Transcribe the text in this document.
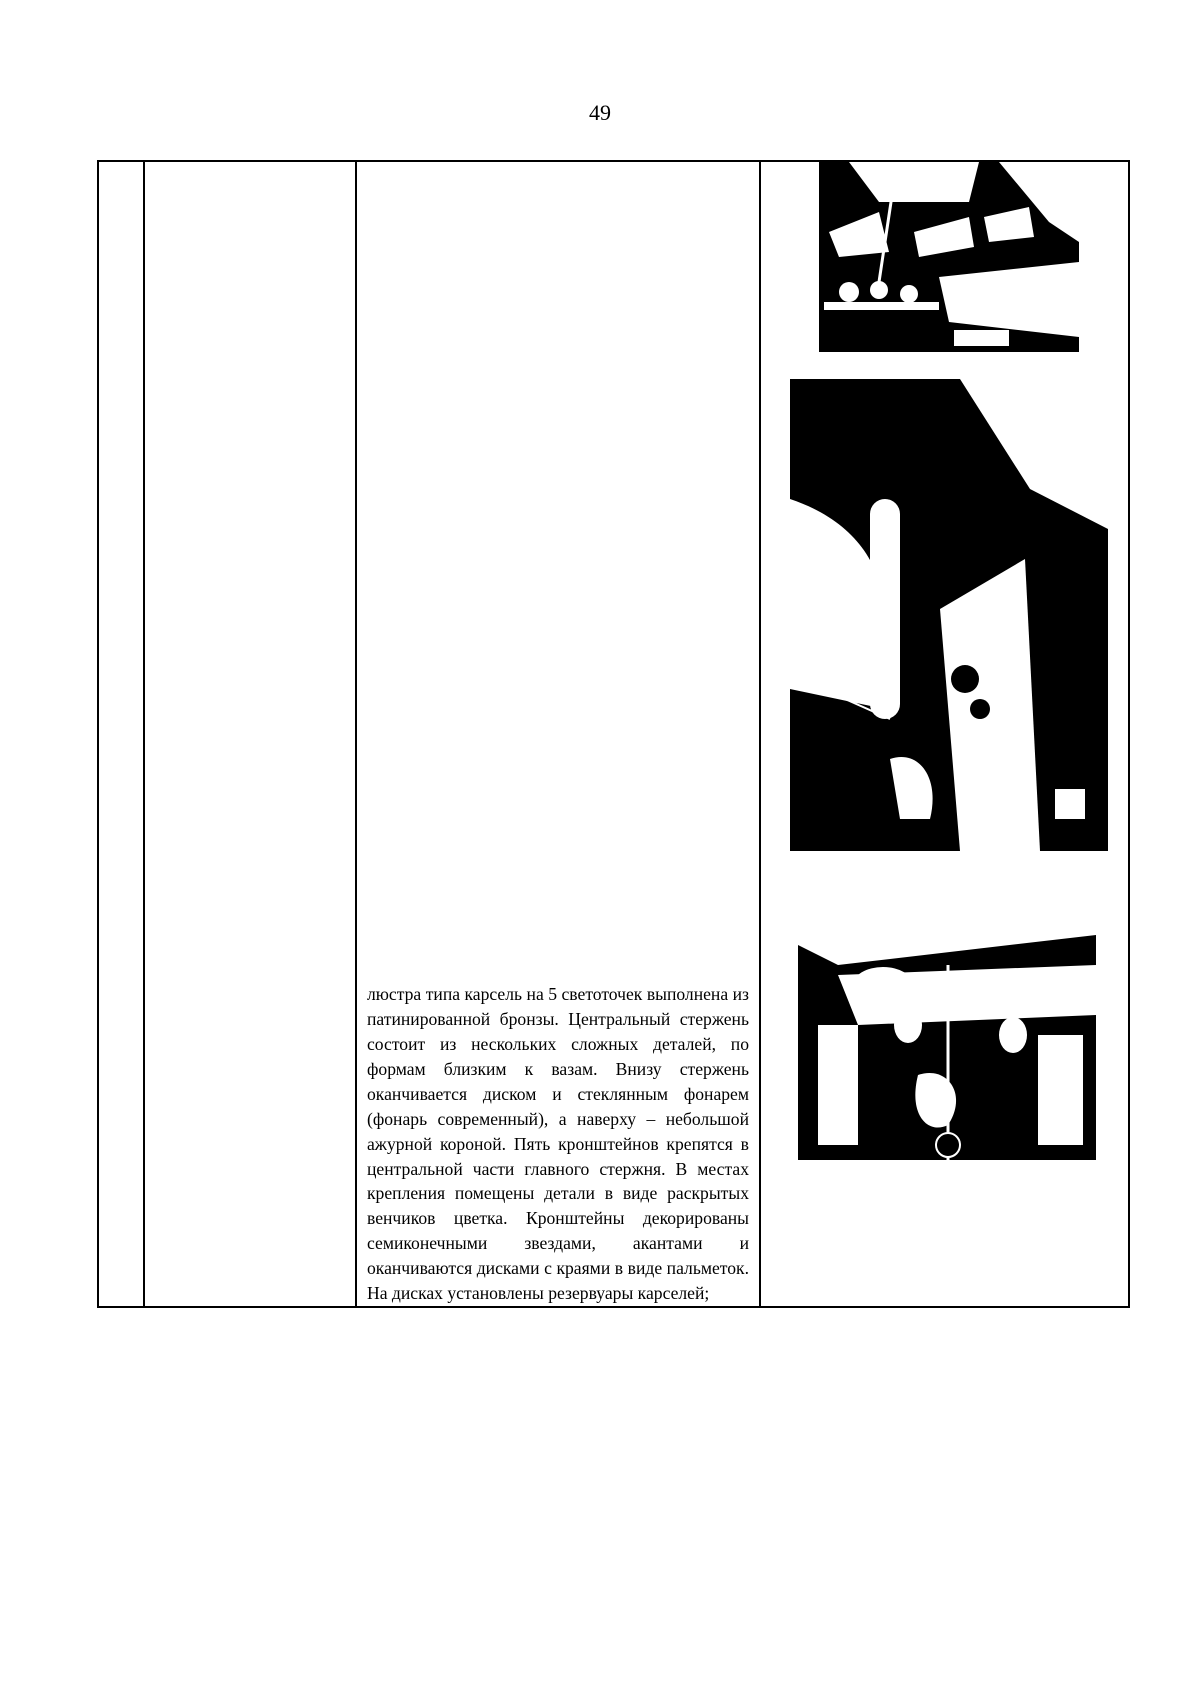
49

люстра типа карсель на 5 светоточек выполнена из патинированной бронзы. Центральный стержень состоит из нескольких сложных деталей, по формам близким к вазам. Внизу стержень оканчивается диском и стеклянным фонарем (фонарь современный), а наверху – небольшой ажурной короной. Пять кронштейнов крепятся в центральной части главного стержня. В местах крепления помещены детали в виде раскрытых венчиков цветка. Кронштейны декорированы семиконечными звездами, акантами и оканчиваются дисками с краями в виде пальметок. На дисках установлены резервуары карселей;
